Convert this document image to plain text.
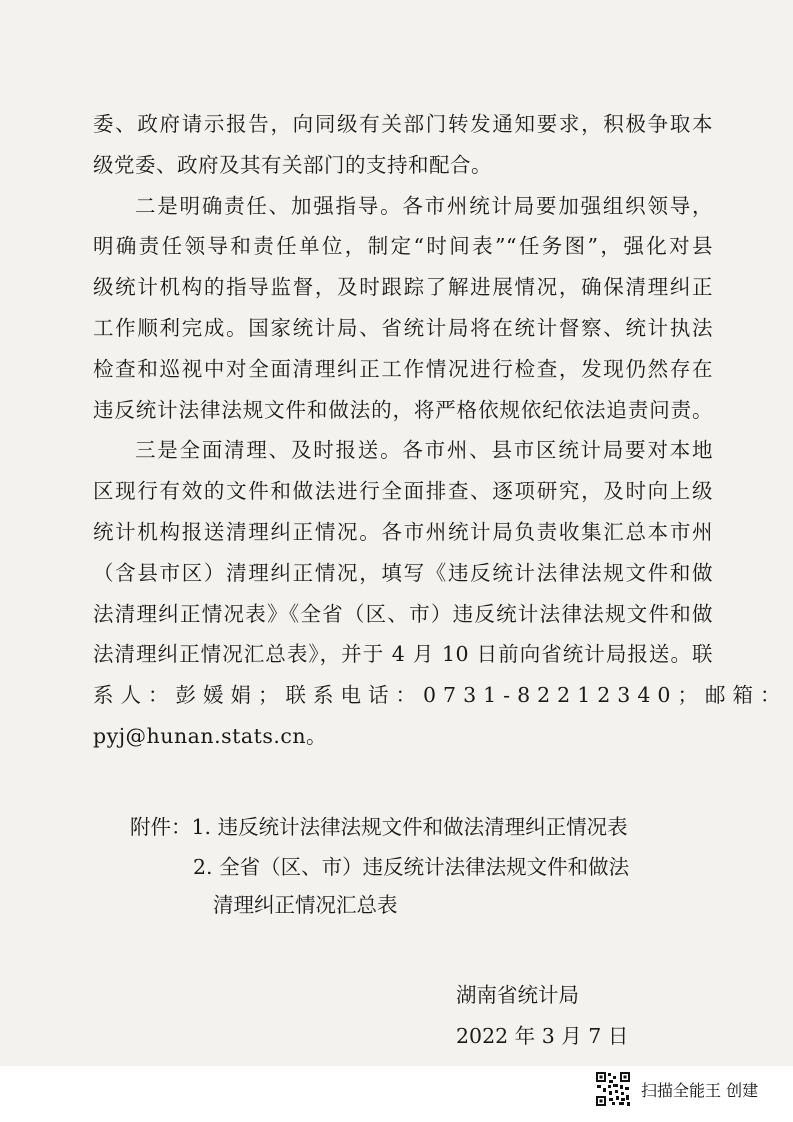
委、政府请示报告，向同级有关部门转发通知要求，积极争取本
级党委、政府及其有关部门的支持和配合。
二是明确责任、加强指导。各市州统计局要加强组织领导，
明确责任领导和责任单位，制定“时间表”“任务图”，强化对县
级统计机构的指导监督，及时跟踪了解进展情况，确保清理纠正
工作顺利完成。国家统计局、省统计局将在统计督察、统计执法
检查和巡视中对全面清理纠正工作情况进行检查，发现仍然存在
违反统计法律法规文件和做法的，将严格依规依纪依法追责问责。
三是全面清理、及时报送。各市州、县市区统计局要对本地
区现行有效的文件和做法进行全面排查、逐项研究，及时向上级
统计机构报送清理纠正情况。各市州统计局负责收集汇总本市州
（含县市区）清理纠正情况，填写《违反统计法律法规文件和做
法清理纠正情况表》《全省（区、市）违反统计法律法规文件和做
法清理纠正情况汇总表》，并于 4 月 10 日前向省统计局报送。联
系人：彭媛娟；联系电话：0731-82212340；邮箱：
pyj@hunan.stats.cn。
附件：1. 违反统计法律法规文件和做法清理纠正情况表
2. 全省（区、市）违反统计法律法规文件和做法
清理纠正情况汇总表
湖南省统计局
2022 年 3 月 7 日
扫描全能王 创建
